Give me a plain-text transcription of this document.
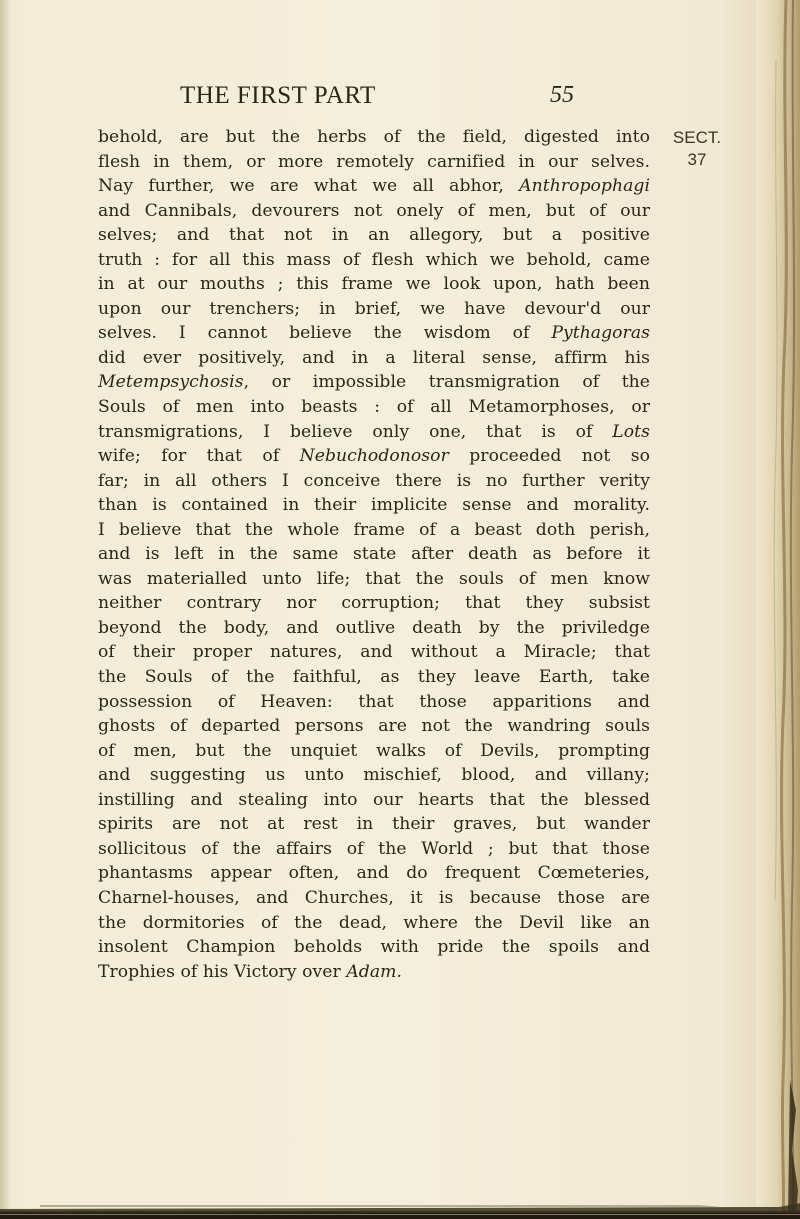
THE FIRST PART	55
SECT.
37
behold, are but the herbs of the field, digested into
flesh in them, or more remotely carnified in our selves.
Nay further, we are what we all abhor, Anthropophagi
and Cannibals, devourers not onely of men, but of our
selves; and that not in an allegory, but a positive
truth : for all this mass of flesh which we behold, came
in at our mouths ; this frame we look upon, hath been
upon our trenchers; in brief, we have devour'd our
selves. I cannot believe the wisdom of Pythagoras
did ever positively, and in a literal sense, affirm his
Metempsychosis, or impossible transmigration of the
Souls of men into beasts : of all Metamorphoses, or
transmigrations, I believe only one, that is of Lots
wife; for that of Nebuchodonosor proceeded not so
far; in all others I conceive there is no further verity
than is contained in their implicite sense and morality.
I believe that the whole frame of a beast doth perish,
and is left in the same state after death as before it
was materialled unto life; that the souls of men know
neither contrary nor corruption; that they subsist
beyond the body, and outlive death by the priviledge
of their proper natures, and without a Miracle; that
the Souls of the faithful, as they leave Earth, take
possession of Heaven: that those apparitions and
ghosts of departed persons are not the wandring souls
of men, but the unquiet walks of Devils, prompting
and suggesting us unto mischief, blood, and villany;
instilling and stealing into our hearts that the blessed
spirits are not at rest in their graves, but wander
sollicitous of the affairs of the World ; but that those
phantasms appear often, and do frequent Cœmeteries,
Charnel-houses, and Churches, it is because those are
the dormitories of the dead, where the Devil like an
insolent Champion beholds with pride the spoils and
Trophies of his Victory over Adam.
